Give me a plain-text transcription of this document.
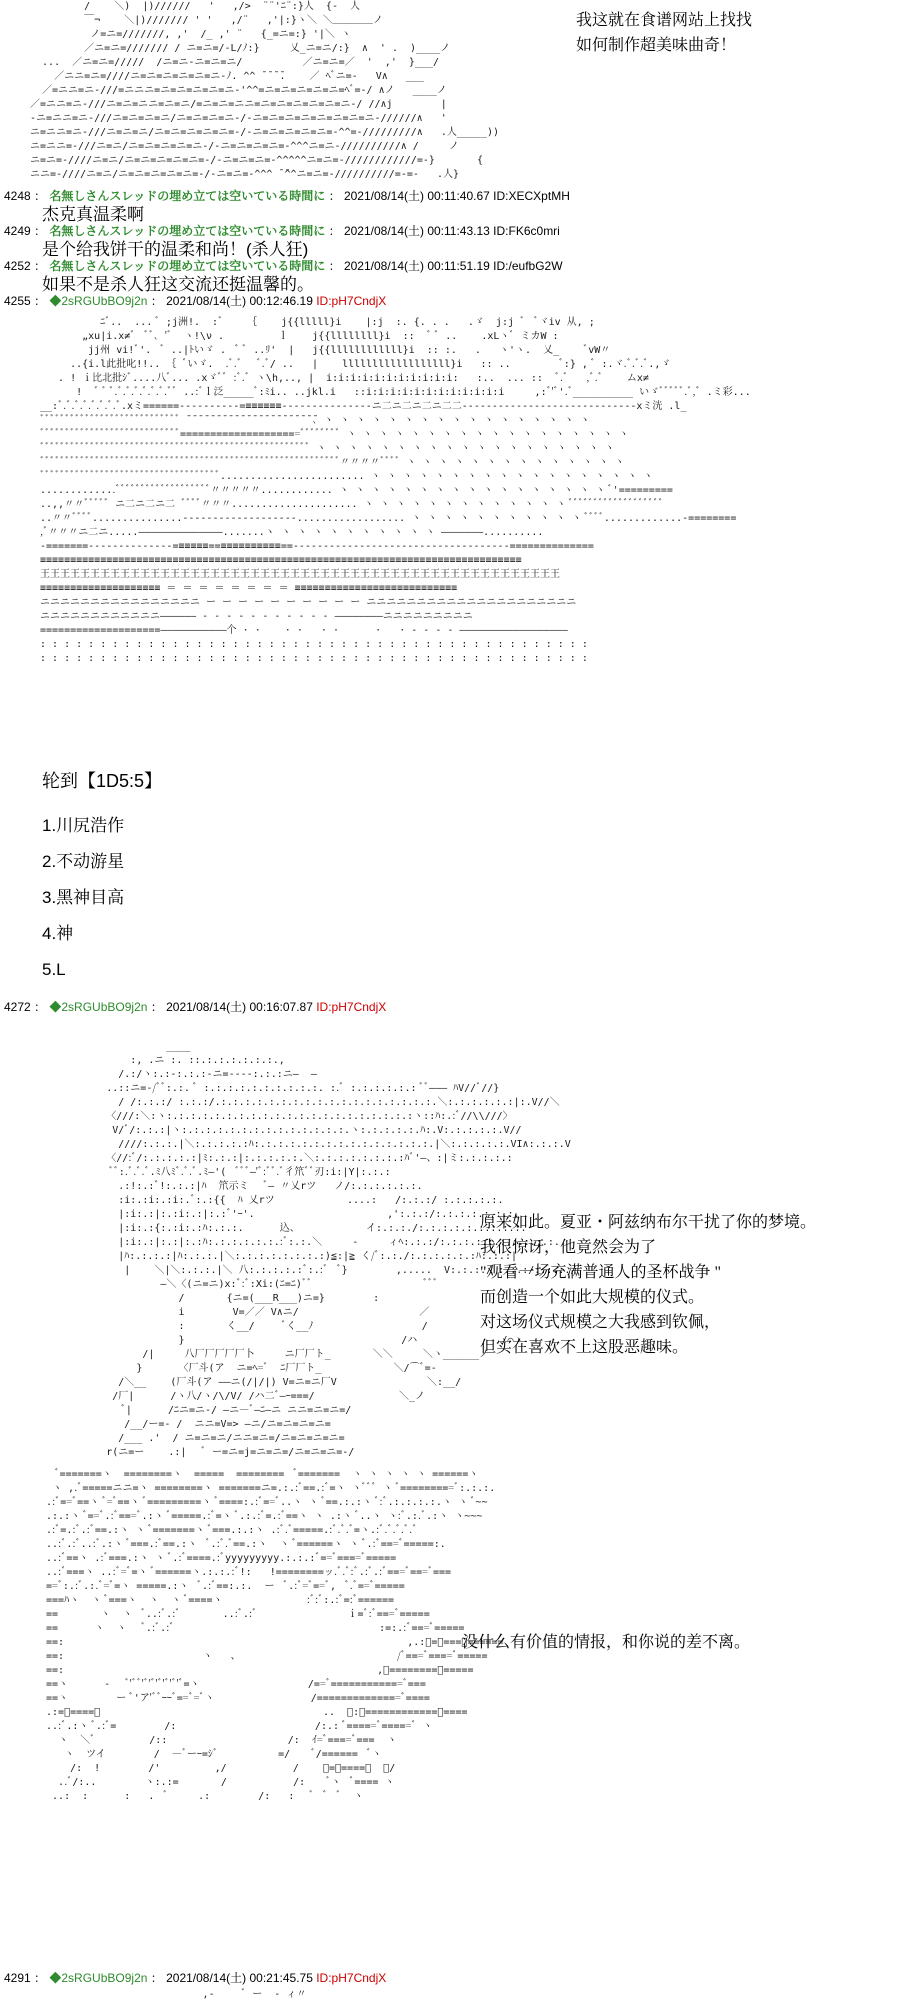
/    ＼)  |)//////   '   ,/>  ¨¨'ﾆ¨:}人  {-  人
￣¬    ＼|)/////// ' '   ,/¨   ,'|:}ヽ＼ ＼＿＿＿＿ノ
ノ=ニ=///////, ,'  /_ ,' ¨   {_=ニ=:} '|＼ ヽ
／ニ=ニ=/////// / ニ=ニ=/-L/ﾉ:}     乂_ニ=ニ/:}  ∧  ' .  )____ノ
...  ／ニ=ニ=/////  /ニ=ニ-ニ=ニ=ニ/          ／ニ=ニ=／  '  ,'  }___/
／ニニ=ニ=////ニ=ニ=ニ=ニ=ニ=ニ-ﾉ. ^^ ̄ ̄ ̄ ̄.    ／ ﾍﾞニ=-   V∧   ___
／=ニニ=ニ-///=ニニニ=ニ=ニ=ニ=ニ=ニ-'^^=ニ=ニ=ニ=ニ=ニ=ﾍﾞ=-/ ∧ノ   ____ノ
／=ニニ=ニ-///ニ=ニ=ニニ=ニ=ニ/=ニ=ニ=ニニ=ニ=ニ=ニ=ニ=ニ=ニ-/ //∧j        |
-ニ=ニニ=ニ-///ニ=ニ=ニ=ニ/ニ=ニ=ニ=ニ-/-ニ=ニ=ニ=ニ=ニ=ニ=ニ=ニ-//////∧   '
ニ=ニニ=ニ-///ニ=ニ=ニ/ニ=ニ=ニ=ニ=ニ=-/-ニ=ニ=ニ=ニ=ニ=-^^=-/////////∧   .人_____))
ニ=ニニ=-///ニ=ニ/ニ=ニ=ニ=ニ=ニ-/-ニ=ニ=ニ=ニ=-^^^ニ=ニ-//////////∧ /     ノ
ニ=ニ=-////ニ=ニ/ニ=ニ=ニ=ニ=ニ=-/-ニ=ニ=ニ=-^^^^^ニ=ニ=-////////////=-}       {
ニニ=-////ニ=ニ/ニ=ニ=ニ=ニ=ニ=-/-ニ=ニ=-^^^ ̄ ̄^^ニ=ニ=-//////////=-=-   .人}
我这就在食谱网站上找找
如何制作超美味曲奇！
4248 ： 名無しさんスレッドの埋め立ては空いている時間に ： 2021/08/14(土) 00:11:40.67 ID:XECXptMH
杰克真温柔啊
4249 ： 名無しさんスレッドの埋め立ては空いている時間に ： 2021/08/14(土) 00:11:43.13 ID:FK6c0mri
是个给我饼干的温柔和尚！(杀人狂)
4252 ： 名無しさんスレッドの埋め立ては空いている時間に ： 2021/08/14(土) 00:11:51.19 ID:/eufbG2W
如果不是杀人狂这交流还挺温馨的。
4255 ： ◆2sRGUbBO9j2n ： 2021/08/14(土) 00:12:46.19 ID:pH7CndjX
ﾆﾞ..  ... ﾞ ;j洲!.  :ﾞ    ｛    j{{lllll}i    |:j  :. {. . .   .ゞ  j:j ﾞ  ﾞヾiv 从, ;
„xu|i.x≠ﾞ  ﾞﾞ､ 'ﾞ  ヽ!\ν .         ｌ    j{{llllllll}i  ::  ﾞ ﾞ ..    .xLヽﾞ ミカW :
jj州 vi!ﾞ'.  ﾞ ..|ﾄいゞ .  ﾞ ﾞ ..ﾘ'  |   j{{llllllllllll}i  :: :.   .   ヽ'ヽ.  乂_    ﾞvW〃
..{i.l此批叱!!.. ｛ ﾞいゞ.  .ﾞ.ﾞ   ﾞ.ﾞ/ ..   |    llllllllllllllllll}i   :: ..        ﾞ:} , ﾞ :.ヾ.ﾞ.ﾞ.ﾞ.,ゞ
. ! ｉ比北批ｼﾞ....八ﾞ... .xゞﾞﾞ :ﾞ.ﾞ ヽ\h,.., |  i:i:i:i:i:i:i:i:i:i:i:   :..  ... ::  ﾞ.ﾞ   ,ﾞ.ﾞ    ムx≠
!  ﾞ ﾞ ﾞ.ﾞ.ﾞ.ﾞ.ﾞ.ﾞ.ﾞ.ﾞﾞ ..:ﾞｌ泛_____ﾞ:ﾐi.. ..jkl.i   ::i:i:i:i:i:i:i:i:i:i:i:i     ,:ﾞ'ﾞ'.ﾞ__________ いゞﾞﾞﾞﾞﾞ.ﾞ,ﾞ .ミ彩...
__:ﾞ.ﾞ.ﾞ.ﾞ.ﾞ.ﾞ.ﾞ.ﾞ.xミ======----------=≡≡≡≡≡≡---------------ニ二ニ二ニ二ニ二二-----------------------------xミ洸 .l_
ﾞﾞﾞﾞﾞﾞﾞﾞﾞﾞﾞﾞﾞﾞﾞﾞﾞﾞﾞﾞﾞﾞﾞﾞﾞﾞﾞﾞ ̄ ̄ ̄ ̄ ̄ ̄ ̄ ̄ ̄ ̄ ̄ ̄ ̄ ̄ ̄ ̄ ̄ ̄ ̄ ̄ ̄ ̄､ ヽ ヽ ヽ ヽ ヽ ヽ ヽ ヽ ヽ ヽ ヽ ヽ ヽ ヽ ヽ ヽ ヽ
ﾞﾞﾞﾞﾞﾞﾞﾞﾞﾞﾞﾞﾞﾞﾞﾞﾞﾞﾞﾞﾞﾞﾞﾞﾞﾞﾞﾞ====================ﾞﾞﾞﾞﾞﾞﾞﾞ ヽ ヽ ヽ ヽ ヽ ヽ ヽ ヽ ヽ ヽ ヽ ヽ ヽ ヽ ヽ ヽ ヽ ヽ
ﾞﾞﾞﾞﾞﾞﾞﾞﾞﾞﾞﾞﾞﾞﾞﾞﾞﾞﾞﾞﾞﾞﾞﾞﾞﾞﾞﾞﾞﾞﾞﾞﾞﾞﾞﾞﾞﾞﾞﾞﾞﾞﾞﾞﾞﾞﾞﾞﾞﾞﾞﾞﾞﾞ ヽ ヽ ヽ ヽ ヽ ヽ ヽ ヽ ヽ ヽ ヽ ヽ ヽ ヽ ヽ ヽ ヽ ヽ ヽ
ﾞﾞﾞﾞﾞﾞﾞﾞﾞﾞﾞﾞﾞﾞﾞﾞﾞﾞﾞﾞﾞﾞﾞﾞﾞﾞﾞﾞﾞﾞﾞﾞﾞﾞﾞﾞﾞﾞﾞﾞﾞﾞﾞﾞﾞﾞﾞﾞﾞﾞﾞﾞﾞﾞﾞﾞﾞﾞﾞﾞ〃〃〃〃ﾞﾞﾞﾞ ヽ ヽ ヽ ヽ ヽ ヽ ヽ ヽ ヽ ヽ ヽ ヽ ヽ ヽ
ﾞﾞﾞﾞﾞﾞﾞﾞﾞﾞﾞﾞﾞﾞﾞﾞﾞﾞﾞﾞﾞﾞﾞﾞﾞﾞﾞﾞﾞﾞﾞﾞﾞﾞﾞﾞ........................ ヽ ヽ ヽ ヽ ヽ ヽ ヽ ヽ ヽ ヽ ヽ ヽ ヽ ヽ ヽ ヽ ヽ ヽ
.............ﾞﾞﾞﾞﾞﾞﾞﾞﾞﾞﾞﾞﾞﾞﾞﾞﾞﾞﾞ〃〃〃〃〃............ ヽ ヽ ヽ ヽ ヽ ヽ ヽ ヽ ヽ ヽ ヽ ヽ ヽ ヽ ヽ ヽ ヽ ﾞ'=========
..,,〃〃ﾞﾞﾞﾞﾞ ニ二ニ二ニ二 ﾞﾞﾞﾞ〃〃〃..................... ヽ ヽ ヽ ヽ ヽ ヽ ヽ ヽ ヽ ヽ ヽ ヽ ヽ ﾞﾞﾞﾞﾞﾞﾞﾞﾞﾞﾞﾞﾞﾞﾞﾞﾞﾞﾞ
..〃〃ﾞﾞﾞﾞ...............-------------------.................. ヽ ヽ ヽ ヽ ヽ ヽ ヽ ヽ ヽ ヽ ヽ ﾞﾞﾞﾞ.............-========
,ﾞ〃〃〃ニ二ニ.....——————————————.......ヽ ヽ ヽ ヽ ヽ ヽ ヽ ヽ ヽ ヽ ヽ ———————..........
-=======--------------=≡≡≡≡≡==≡≡≡≡≡≡≡≡≡≡==------------------------------------==============
≡≡≡≡≡≡≡≡≡≡≡≡≡≡≡≡≡≡≡≡≡≡≡≡≡≡≡≡≡≡≡≡≡≡≡≡≡≡≡≡≡≡≡≡≡≡≡≡≡≡≡≡≡≡≡≡≡≡≡≡≡≡≡≡≡≡≡≡≡≡≡≡≡≡≡≡≡≡≡≡
王王王王王王王王王王王王王王王王王王王王王王王王王王王王王王王王王王王王王王王王王王王王王王王王王王王王
≡≡≡≡≡≡≡≡≡≡≡≡≡≡≡≡≡≡≡≡ ＝ ＝ ＝ ＝ ＝ ＝ ＝ ＝ ≡≡≡≡≡≡≡≡≡≡≡≡≡≡≡≡≡≡≡≡≡≡≡≡≡≡≡
ニニニニニニニニニニニニニニニニ ー ー ー ー ー ー ー ー ー ー ニニニニニニニニニニニニニニニニニニニニニ
ニニニニニニニニニニニニ—————— - - - - - - - - - - - ————————ニニニニニニニニニ
====================———————————个 · ·    · ·   · ·      ·   · - - - - ——————————————————
: : : : : : : : : : : : : : : : : : : : : : : : : : : : : : : : : : : : : : : : : : : : : :
: : : : : : : : : : : : : : : : : : : : : : : : : : : : : : : : : : : : : : : : : : : : : :
轮到【1D5:5】
1.川尻浩作
2.不动游星
3.黑神目高
4.神
5.L
4272 ： ◆2sRGUbBO9j2n ： 2021/08/14(土) 00:16:07.87 ID:pH7CndjX
____
:, .ニ :. ::.:.:.:.:.:.:.,
/.:/ヽ:.:-:.:.:-ニ=----:.:.:ニ―  ―
..::ニ=-/ﾞﾞ:.:. ﾞ :.:.:.:.:.:.:.:.:.:. :.ﾞ :.:.:.:.:.: ﾞﾞ――― ﾊV//ﾞ//}
/ /:.:.:/ :.:.:/.:.:.:.:.:.:.:.:.:.:.:.:.:.:.:.:.:.:.＼:.:.:.:.:.:|:.V//＼
〈///:＼:ヽ:.:.:.:.:.:.:.:.:.:.:.:.:.:.:.:.:.:.:.:.:ヽ::ﾊ:.:ﾞ//\\///〉
V/ﾞ/:.:.:|ヽ:.:.:.:.:.:.:.:.:.:.:.:.:.:.ヽ:.:.:.:.:.ﾊ:.V:.:.:.:.:.V//
////:.:.:.|＼:.:.:.:.:ﾊ:.:.:.:.:.:.:.:.:.:.:.:.:.:.:.|＼:.:.:.:.:.VI∧:.:.:.V
〈//:ﾞ/:.:.:.:.:|ﾐ:.:.:|:.:.:.:.:.＼:.:.:.:.:.:.:.:ﾊﾞ'―、:|ミ:.:.:.:.:
ﾞﾞ:.ﾞ.ﾞ.ﾞ.ﾐ八ﾐﾞ.ﾞ.ﾞ.ﾐ―'(  ﾞﾞﾞ―'ﾞ:ﾞﾞ.ﾞ彳笊ﾞﾞ刃:i:|Y|:.:.:
.:!:.:ﾞ!:.:.:|ﾊ  笊示ミ   ﾞ― 〃乂rツ   ノ/:.:.:.:.:.:.
:i:.:i:.:i:.ﾞ:.:{{  ﾊ 乂rツ            ....:   /:.:.:/ :.:.:.:.:.
|:i:.:|:.:i:.:|:.:ﾞ'ｰ'.                      ,':.:.:/:.:.:.:.:.:.:.
|:i:.:{:.:i:.:ﾊ:.:.:.      込、           イ:.:.:./:.:.:.:.:.:.:.:.:.
|:i:.:|:.:|:.:ﾊ:.:.:.:.:.:.:ﾞ:.:.＼     ‐     ィﾍ:.:.:/:.:.:.:.:.:.:.:.:.:.
|ﾊ:.:.:.:|ﾊ:.:.:.|＼:.:.:.:.:.:.:.:)≦:|≧ く/ﾞ:.:./:.:.:.:.:.:ﾊ:.:.:|
|    ＼|＼:.:.:.|＼ 八:.:.:.:.:ﾞ:.:ﾞ  ﾞ}        ,.....  V:.:.:./ :.:.:/:.:.:./
―＼〈(ニ=ニ)x:ﾞ:ﾞ:Xi:(ﾆ=ﾆ)ﾞﾞ                   ﾞﾞﾞ
/       {ニ=(___R___)ニ=}        :
i        V=／／ V∧ニ/                    ／
:       く__/     ﾞく__ﾉ                  /
}                                    /ハ              /⌒ヽ
/|     八厂厂厂厂厂卜     ニ厂厂ト_       ＼＼     ＼ヽ______ノ
}      〈厂斗(ア  ニ=ﾍ=ﾞ  ﾆ厂厂ト_            ＼/⌒ﾞ=-
/＼__    (厂斗(ア ――ニ(/|/|) V=ニ=ニ厂V               ＼:__/
/厂|      /ヽ八/ヽ/\/V/ /ハ二ﾞ―ｰ===/              ＼_ノ
ﾞ|      /ﾆニ=ニ-/ ―ニ―ﾞ―ﾆ―ニ ニニ=ニ=ニ=/
/__/ー=‐ /  ニニ=V=> ―ニ/ニ=ニ=ニ=ニ=
/___ .'  / ニ=ニ=ニ/ニニ=ニ=/ニ=ニ=ニ=ニ=
r(ニ=ー    .:|   ﾞ ー=ニ=j=ニ=ニ=/ニ=ニ=ニ=-/
原来如此。夏亚・阿兹纳布尔干扰了你的梦境。
我很惊讶，他竟然会为了
"观看一场充满普通人的圣杯战争 "
而创造一个如此大规模的仪式。
对这场仪式规模之大我感到钦佩，
但实在喜欢不上这股恶趣味。
ﾞ=======ヽ  ========ヽ  =====  ========  ﾞ=======  ヽ ヽ ヽ ヽ ヽ ======ヽ
ヽ ,.ﾞ=====ニニ=ヽ ========ヽ =======ニ=.:.:ﾞ==.:ﾞ=ヽ ヽﾞﾞﾞ ヽ ﾞ=========ﾞ:.:.:.
.:ﾞ==ﾞ==ヽ ﾞ=ﾞ==ヽ ﾞ=========ヽ ﾞ====:.:ﾞ==ﾞ..ヽ ヽ ﾞ==.:.:ヽ ﾞ:ﾞ.:.:.:.:.ヽ ヽ ﾞ~~
.:.:ヽ ﾞ==ﾞ.:ﾞ===ﾞ.:ヽ ﾞ=====.:ﾞ=ヽ ﾞ.:.:ﾞ=.:ﾞ==ヽ ヽ .:ヽ ﾞ..ヽ ヽ:ﾞ.:.ﾞ.:ヽ ヽ~~~
.:ﾞ=.:ﾞ.:ﾞ==.:ヽ ヽ ﾞ=======ヽ ﾞ===.:.:ヽ .:ﾞ.ﾞ=====.:ﾞ.ﾞ.ﾞ=ヽ.:ﾞ.ﾞ.ﾞ.ﾞ.ﾞ
..:ﾞ.:ﾞ..:ﾞ.:ヽ ﾞ===.:ﾞ==.:ヽ  ﾞ.:ﾞ.ﾞ==.:ヽ  ヽ ﾞ======ヽ ヽ ﾞ.:ﾞ===ﾞ=====:.
..:ﾞ==ヽ .:ﾞ===.:ヽ ヽ ﾞ.:ﾞ====.:ﾞyyyyyyyyy.:.:.:ﾞ==ﾞ====ﾞ=====
..:ﾞ===ヽ ..:ﾞ=ﾞ=ヽ ﾞ======ヽ.:.:.:ﾞ!:   !========ッ.ﾞ.ﾞ:ﾞ.:ﾞ.:ﾞ===ﾞ===ﾞ===
==ﾞ:.:ﾞ.:.ﾞ=ﾞ=ヽ =====.:ヽ  ﾞ.:ﾞ==:.:.  ー  ﾞ.:ﾞ=ﾞ==ﾞ,  ﾞ.ﾞ==ﾞ=====
===ﾊヽ  ヽ ﾞ===ヽ  ヽ  ヽ ﾞ====ヽ              :ﾞ:ﾞ:.:ﾞ=:ﾞ======
==       ヽ  ヽ  ﾞ..:ﾞ.:ﾞ       ..:ﾞ.:ﾞ               ｉ=ﾞ:ﾞ===ﾞ=====
==      ヽ  ヽ   ﾞ.:ﾞ.:ﾞ                                  :=:.:ﾞ===ﾞ=====
==:                                                         ,.:ﾞ=ﾞ===ﾞ======
==:                       ヽ   、                          /ﾞ===ﾞ====ﾞ=====
==:                                                    ,ﾞ========ﾞ=====
==ヽ      ‐   ﾞ'ﾞﾞ'ﾞ'ﾞ'ﾞ'ﾞ'ﾞ'ﾞ=ヽ                  /==ﾞ============ﾞ===
==ヽ        ー ﾞ'ア'ﾞﾞｰｰﾞ==ﾞ=ﾞヽ                /==============ﾞ====
.:=ﾞ====ﾞ                                     ..  ﾞ:ﾞ============ﾞ====
..:ﾞ.:ヽ ﾞ.:ﾞ=        /:                       /:.: ﾞ=====ﾞ=====ﾞ ヽ
ヽ  ＼ﾞ         /::                    /:  ｲ=ﾞ====ﾞ===  ヽ
ヽ  ツイ        /  ―ﾞーｰ=ｼﾞ          =/    ﾞ/======  ﾞヽ
/:  !        /'         ,/           /    ﾞ=ｰ====ﾞ  ﾞ/
..ﾞ/:..        ヽ:.:=       /           /:    ﾞヽ  ﾞ==== ヽ
..:  :      :   .  ﾞ     .:        /:   :   ﾞ  ﾞ  ﾞ  ヽ
没什么有价值的情报，和你说的差不离。
4291 ： ◆2sRGUbBO9j2n ： 2021/08/14(土) 00:21:45.75 ID:pH7CndjX
,-     ﾞ ー  - ィ〃
